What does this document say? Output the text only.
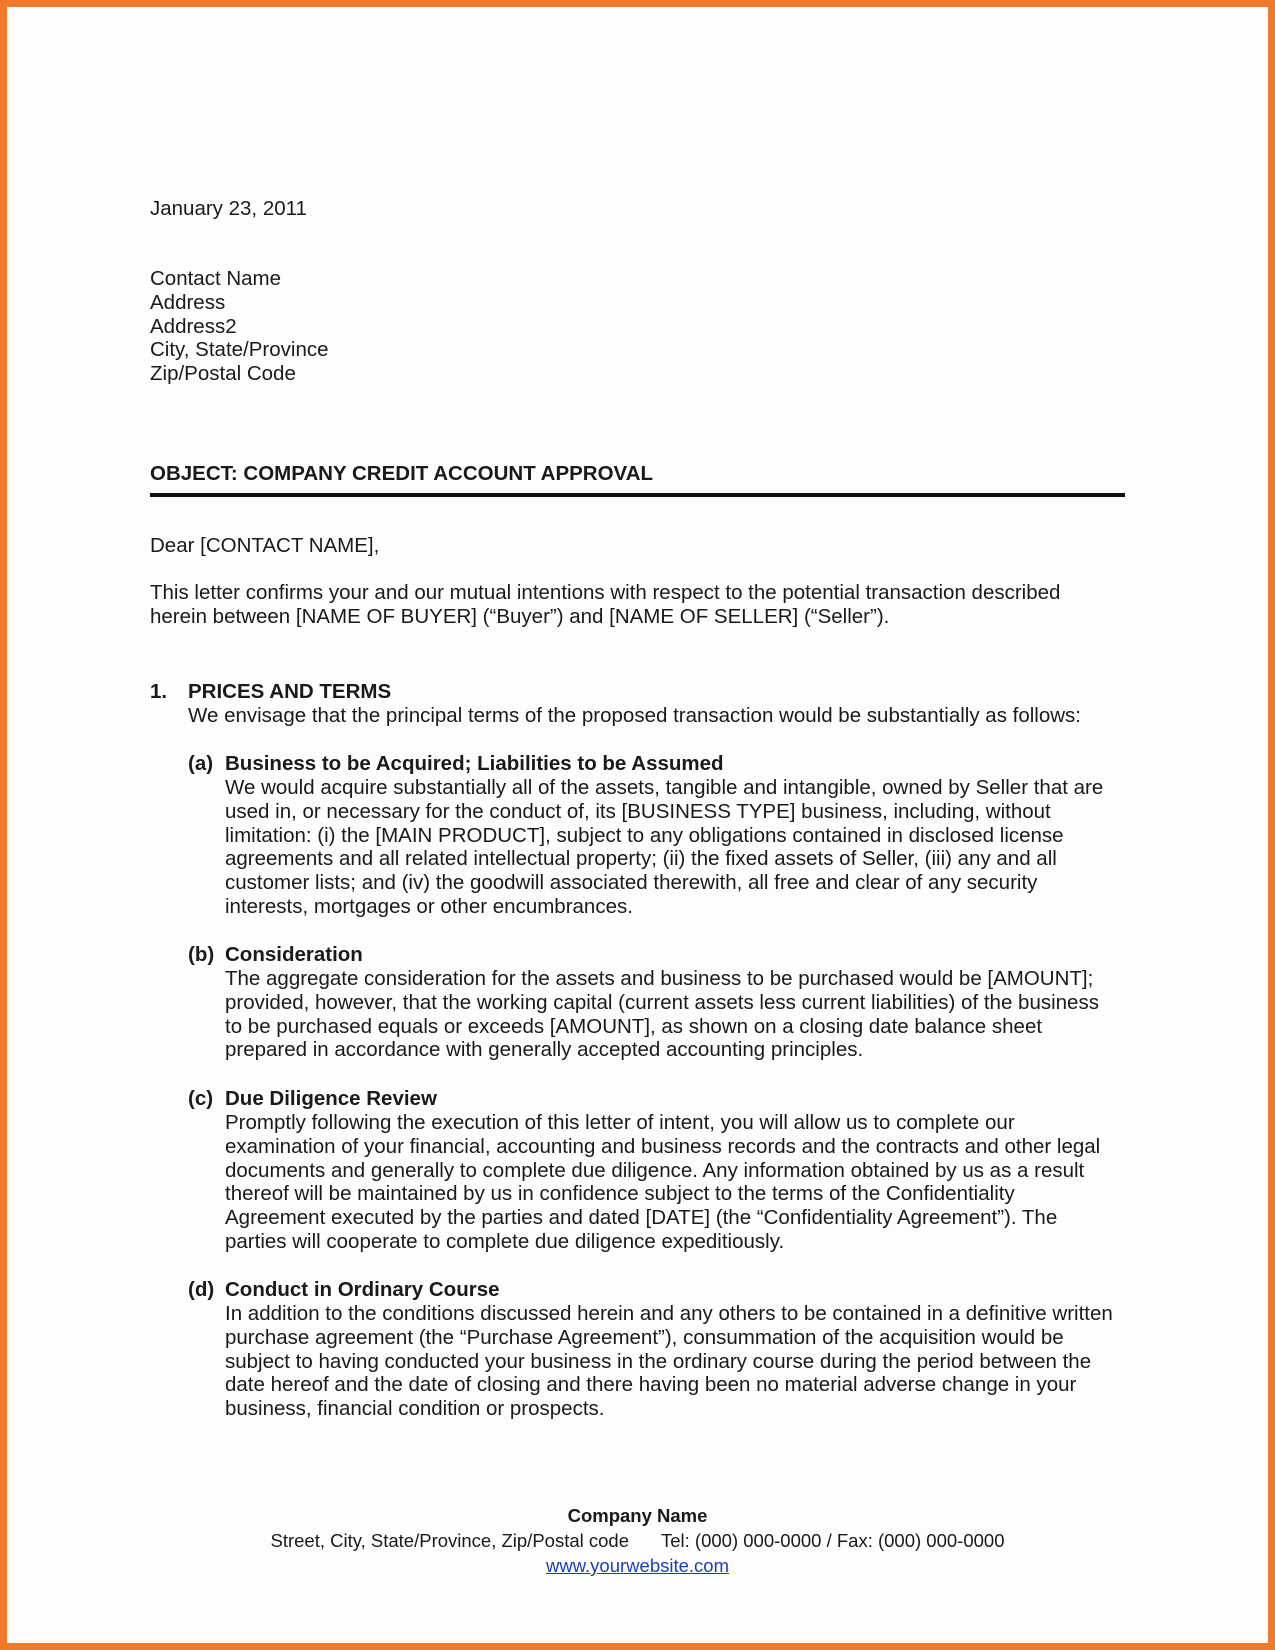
January 23, 2011
Contact Name
Address
Address2
City, State/Province
Zip/Postal Code
OBJECT: COMPANY CREDIT ACCOUNT APPROVAL
Dear [CONTACT NAME],
This letter confirms your and our mutual intentions with respect to the potential transaction described
herein between [NAME OF BUYER] (“Buyer”) and [NAME OF SELLER] (“Seller”).
1. PRICES AND TERMS
We envisage that the principal terms of the proposed transaction would be substantially as follows:
(a) Business to be Acquired; Liabilities to be Assumed
We would acquire substantially all of the assets, tangible and intangible, owned by Seller that are
used in, or necessary for the conduct of, its [BUSINESS TYPE] business, including, without
limitation: (i) the [MAIN PRODUCT], subject to any obligations contained in disclosed license
agreements and all related intellectual property; (ii) the fixed assets of Seller, (iii) any and all
customer lists; and (iv) the goodwill associated therewith, all free and clear of any security
interests, mortgages or other encumbrances.
(b) Consideration
The aggregate consideration for the assets and business to be purchased would be [AMOUNT];
provided, however, that the working capital (current assets less current liabilities) of the business
to be purchased equals or exceeds [AMOUNT], as shown on a closing date balance sheet
prepared in accordance with generally accepted accounting principles.
(c) Due Diligence Review
Promptly following the execution of this letter of intent, you will allow us to complete our
examination of your financial, accounting and business records and the contracts and other legal
documents and generally to complete due diligence. Any information obtained by us as a result
thereof will be maintained by us in confidence subject to the terms of the Confidentiality
Agreement executed by the parties and dated [DATE] (the “Confidentiality Agreement”). The
parties will cooperate to complete due diligence expeditiously.
(d) Conduct in Ordinary Course
In addition to the conditions discussed herein and any others to be contained in a definitive written
purchase agreement (the “Purchase Agreement”), consummation of the acquisition would be
subject to having conducted your business in the ordinary course during the period between the
date hereof and the date of closing and there having been no material adverse change in your
business, financial condition or prospects.
Company Name
Street, City, State/Province, Zip/Postal code Tel: (000) 000-0000 / Fax: (000) 000-0000
www.yourwebsite.com
